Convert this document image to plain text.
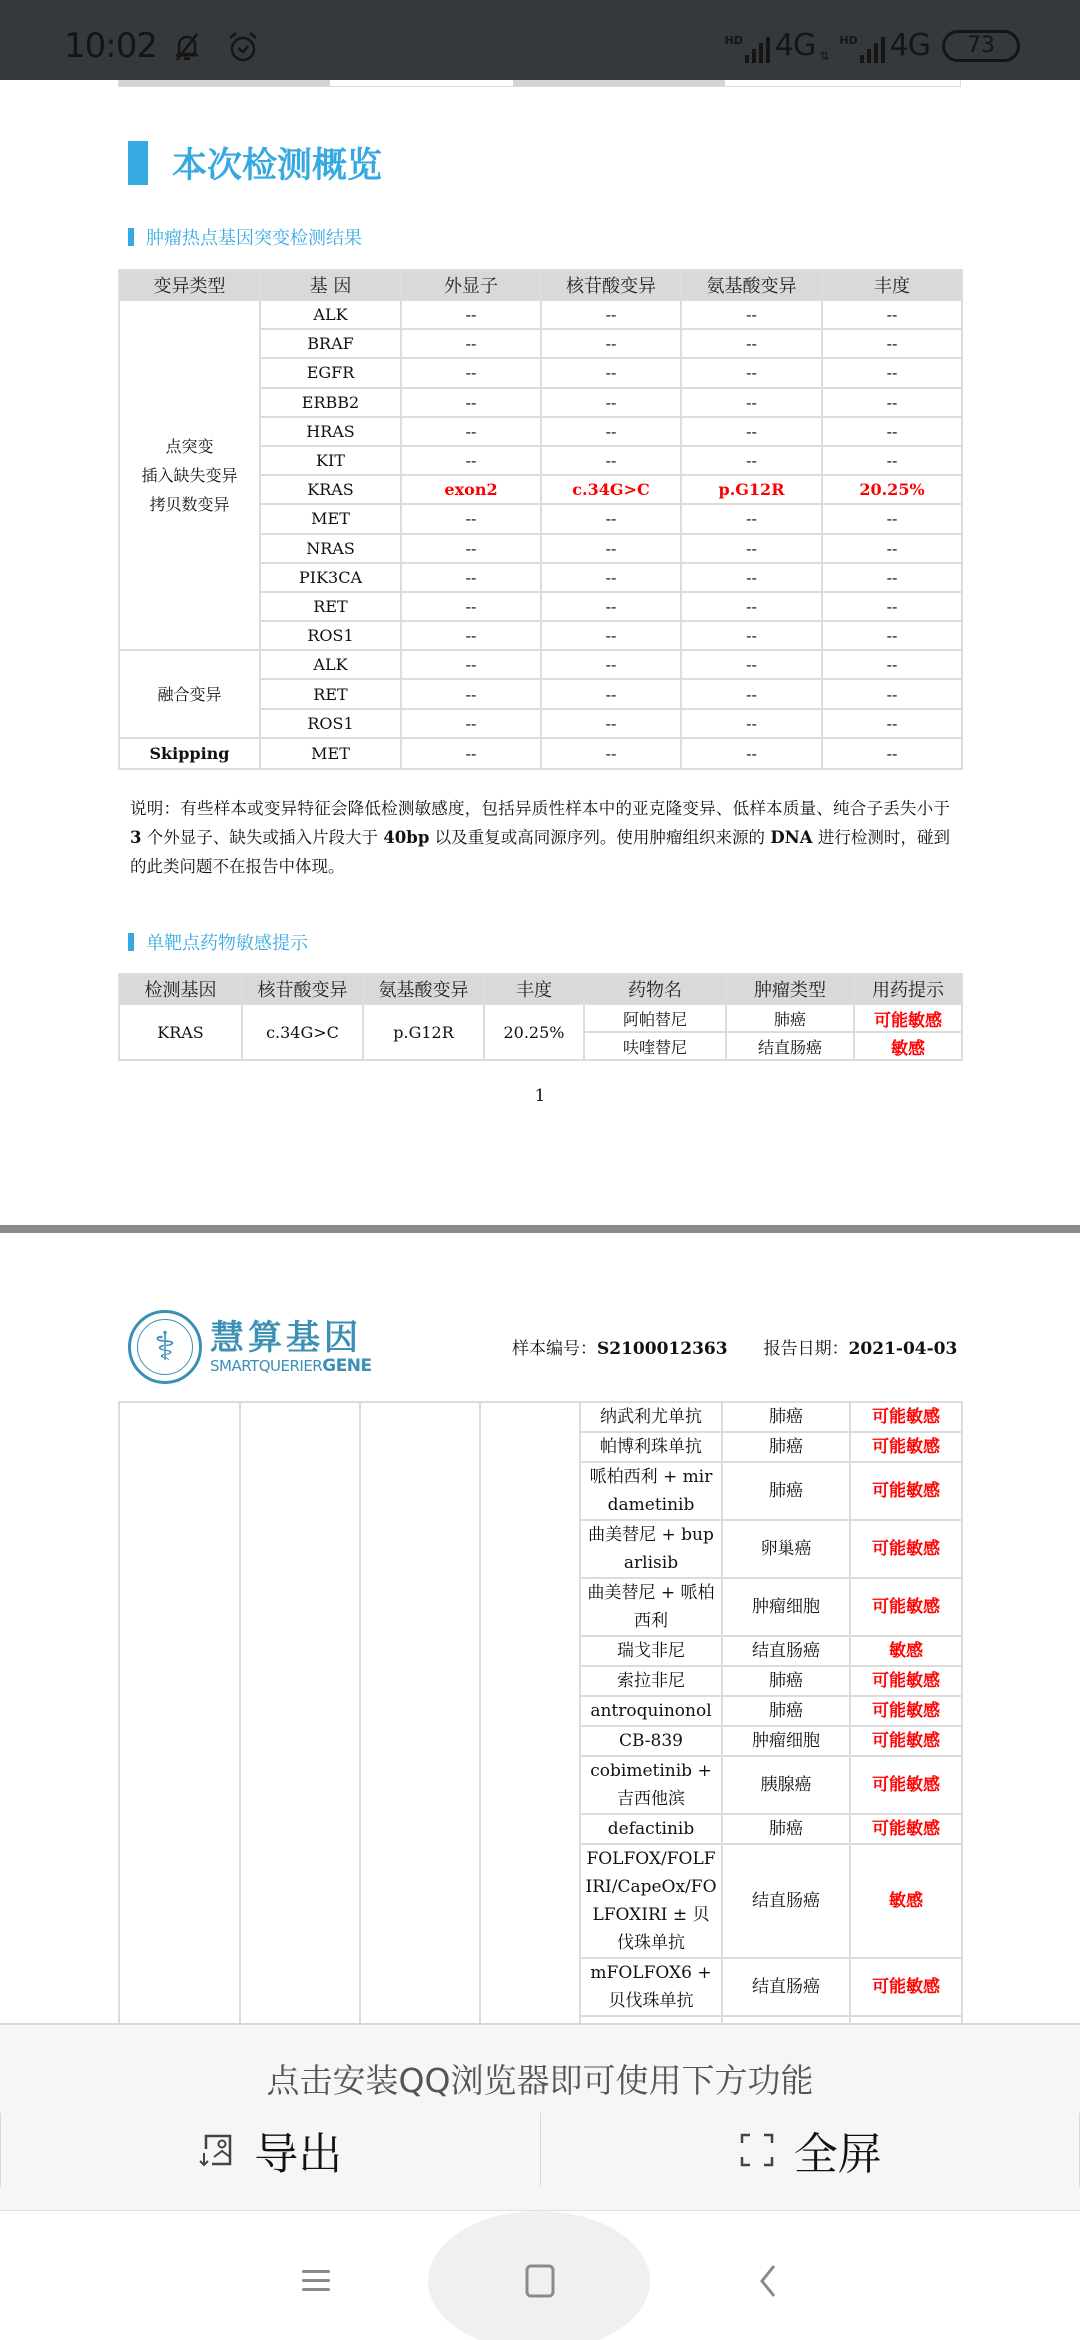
10:02	HD 4G ⇅
HD 4G 73
本次检测概览
肿瘤热点基因突变检测结果
变异类型	基 因	外显子	核苷酸变异	氨基酸变异	丰度

点突变
插入缺失变异
拷贝数变异	ALK	--	--	--	--
	BRAF	--	--	--	--
	EGFR	--	--	--	--
	ERBB2	--	--	--	--
	HRAS	--	--	--	--
	KIT	--	--	--	--
	KRAS	exon2	c.34G>C	p.G12R	20.25%
	MET	--	--	--	--
	NRAS	--	--	--	--
	PIK3CA	--	--	--	--
	RET	--	--	--	--
	ROS1	--	--	--	--

融合变异	ALK	--	--	--	--
	RET	--	--	--	--
	ROS1	--	--	--	--

Skipping	MET	--	--	--	--
说明：有些样本或变异特征会降低检测敏感度，包括异质性样本中的亚克隆变异、低样本质量、纯合子丢失小于 3 个外显子、缺失或插入片段大于 40bp 以及重复或高同源序列。使用肿瘤组织来源的 DNA 进行检测时，碰到的此类问题不在报告中体现。
单靶点药物敏感提示
检测基因	核苷酸变异	氨基酸变异	丰度	药物名	肿瘤类型	用药提示
KRAS	c.34G>C	p.G12R	20.25%	阿帕替尼	肺癌	可能敏感
				呋喹替尼	结直肠癌	敏感
1
⚕ 慧算基因
SMARTQUERIERGENE
样本编号：S2100012363 报告日期：2021-04-03
				纳武利尤单抗	肺癌	可能敏感
				帕博利珠单抗	肺癌	可能敏感
				哌柏西利 + mirdametinib	肺癌	可能敏感
				曲美替尼 + buparlisib	卵巢癌	可能敏感
				曲美替尼 + 哌柏西利	肿瘤细胞	可能敏感
				瑞戈非尼	结直肠癌	敏感
				索拉非尼	肺癌	可能敏感
				antroquinonol	肺癌	可能敏感
				CB-839	肿瘤细胞	可能敏感
				cobimetinib + 吉西他滨	胰腺癌	可能敏感
				defactinib	肺癌	可能敏感
				FOLFOX/FOLFIRI/CapeOx/FOLFOXIRI ± 贝伐珠单抗	结直肠癌	敏感
				mFOLFOX6 + 贝伐珠单抗	结直肠癌	可能敏感

点击安装QQ浏览器即可使用下方功能
导出	全屏
